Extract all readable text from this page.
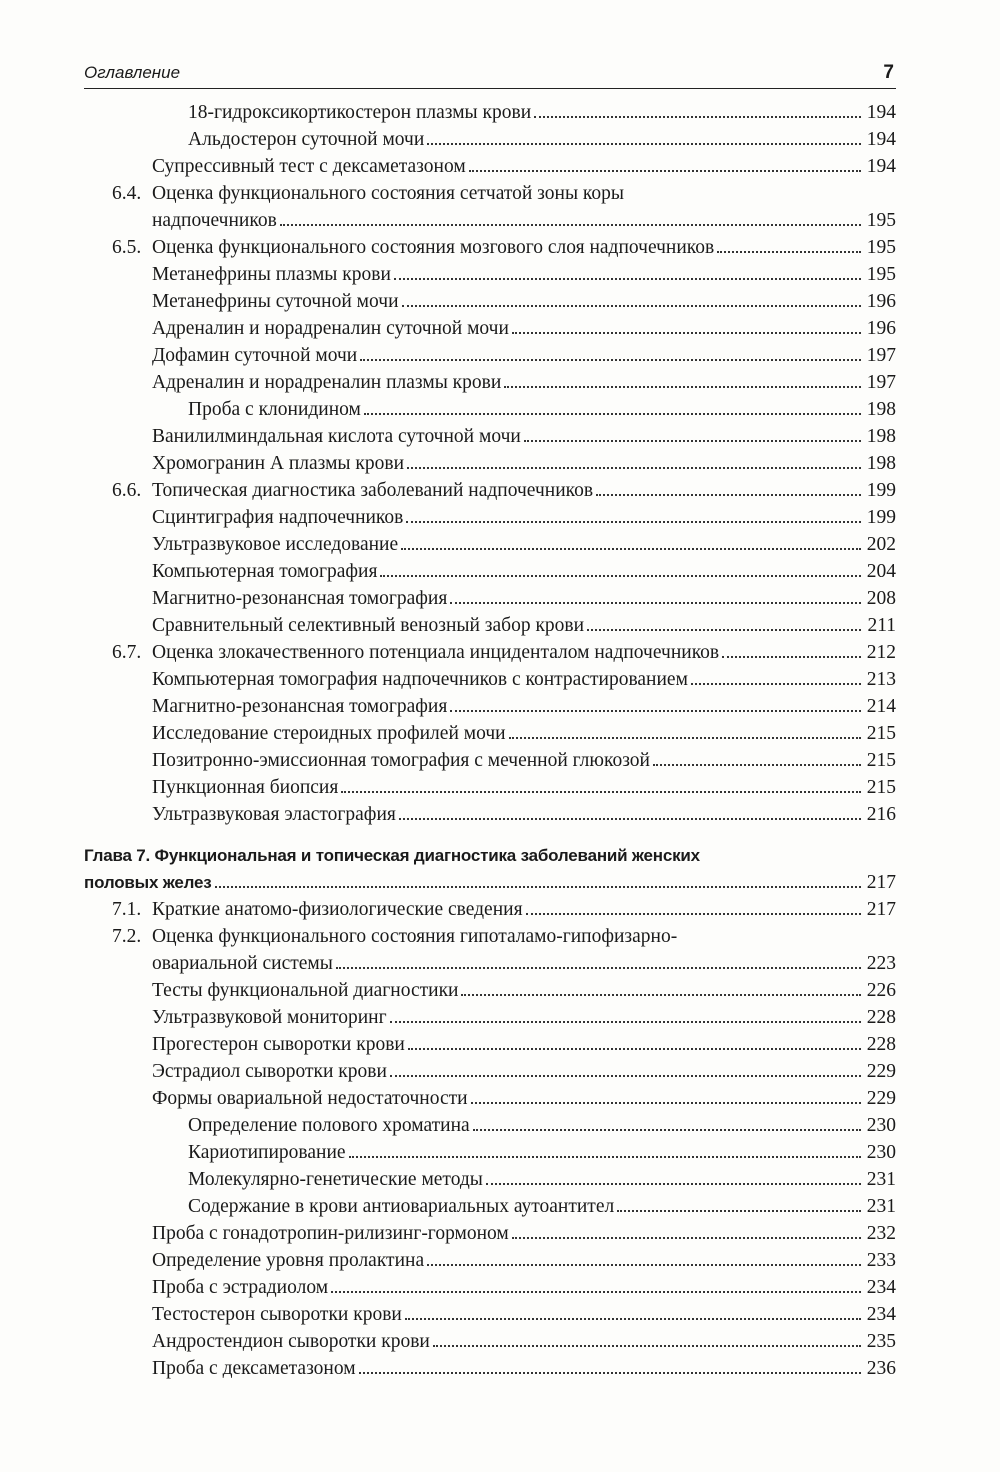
Оглавление	7
18-гидроксикортикостерон плазмы крови	194
Альдостерон суточной мочи	194
Супрессивный тест с дексаметазоном	194
6.4. Оценка функционального состояния сетчатой зоны коры
надпочечников	195
6.5. Оценка функционального состояния мозгового слоя надпочечников	195
Метанефрины плазмы крови	195
Метанефрины суточной мочи	196
Адреналин и норадреналин суточной мочи	196
Дофамин суточной мочи	197
Адреналин и норадреналин плазмы крови	197
Проба с клонидином	198
Ванилилминдальная кислота суточной мочи	198
Хромогранин А плазмы крови	198
6.6. Топическая диагностика заболеваний надпочечников	199
Сцинтиграфия надпочечников	199
Ультразвуковое исследование	202
Компьютерная томография	204
Магнитно-резонансная томография	208
Сравнительный селективный венозный забор крови	211
6.7. Оценка злокачественного потенциала инциденталом надпочечников	212
Компьютерная томография надпочечников с контрастированием	213
Магнитно-резонансная томография	214
Исследование стероидных профилей мочи	215
Позитронно-эмиссионная томография с меченной глюкозой	215
Пункционная биопсия	215
Ультразвуковая эластография	216
Глава 7. Функциональная и топическая диагностика заболеваний женских
половых желез	217
7.1. Краткие анатомо-физиологические сведения	217
7.2. Оценка функционального состояния гипоталамо-гипофизарно-
овариальной системы	223
Тесты функциональной диагностики	226
Ультразвуковой мониторинг	228
Прогестерон сыворотки крови	228
Эстрадиол сыворотки крови	229
Формы овариальной недостаточности	229
Определение полового хроматина	230
Кариотипирование	230
Молекулярно-генетические методы	231
Содержание в крови антиовариальных аутоантител	231
Проба с гонадотропин-рилизинг-гормоном	232
Определение уровня пролактина	233
Проба с эстрадиолом	234
Тестостерон сыворотки крови	234
Андростендион сыворотки крови	235
Проба с дексаметазоном	236
